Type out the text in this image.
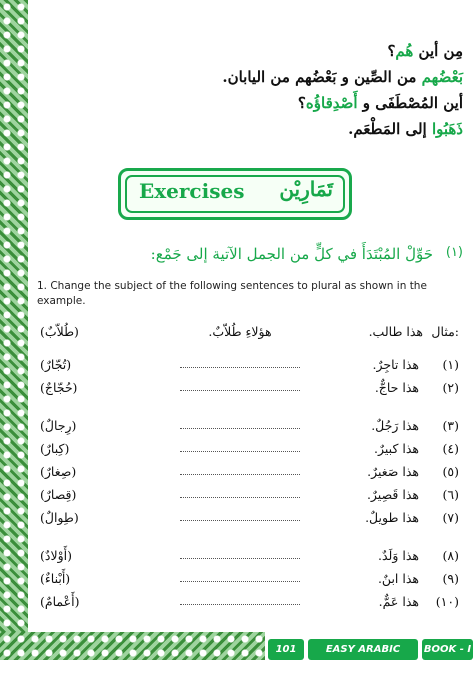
مِن أين هُم؟
بَعْضُهم من الصِّين و بَعْضُهم من اليابان.
أين المُصْطَفَى و أَصْدِقاؤُه؟
ذَهَبُوا إلى المَطْعَم.
Exercises تَمَارِيْن
(١)
حَوِّلْ المُبْتَدَأَ في كلٍّ من الجمل الآتية إلى جَمْع:
1. Change the subject of the following sentences to plural as shown in the example.
(طُلاّبٌ)	هؤلاءِ طُلاّبٌ.	هذا طالب. مثال:
(تُجّارٌ)	هذا تاجِرٌ. (١)
(حُجّاجٌ)	هذا حاجٌّ. (٢)
(رِجالٌ)	هذا رَجُلٌ. (٣)
(كِبارٌ)	هذا كبيرٌ. (٤)
(صِغارٌ)	هذا صَغيرٌ. (٥)
(قِصارٌ)	هذا قَصِيرٌ. (٦)
(طِوالٌ)	هذا طويلٌ. (٧)
(أَوْلادٌ)	هذا وَلَدٌ. (٨)
(أَبْناءٌ)	هذا ابنٌ. (٩)
(أَعْمامٌ)	هذا عَمٌّ. (١٠)
101	EASY ARABIC COURSE
BOOK - I
